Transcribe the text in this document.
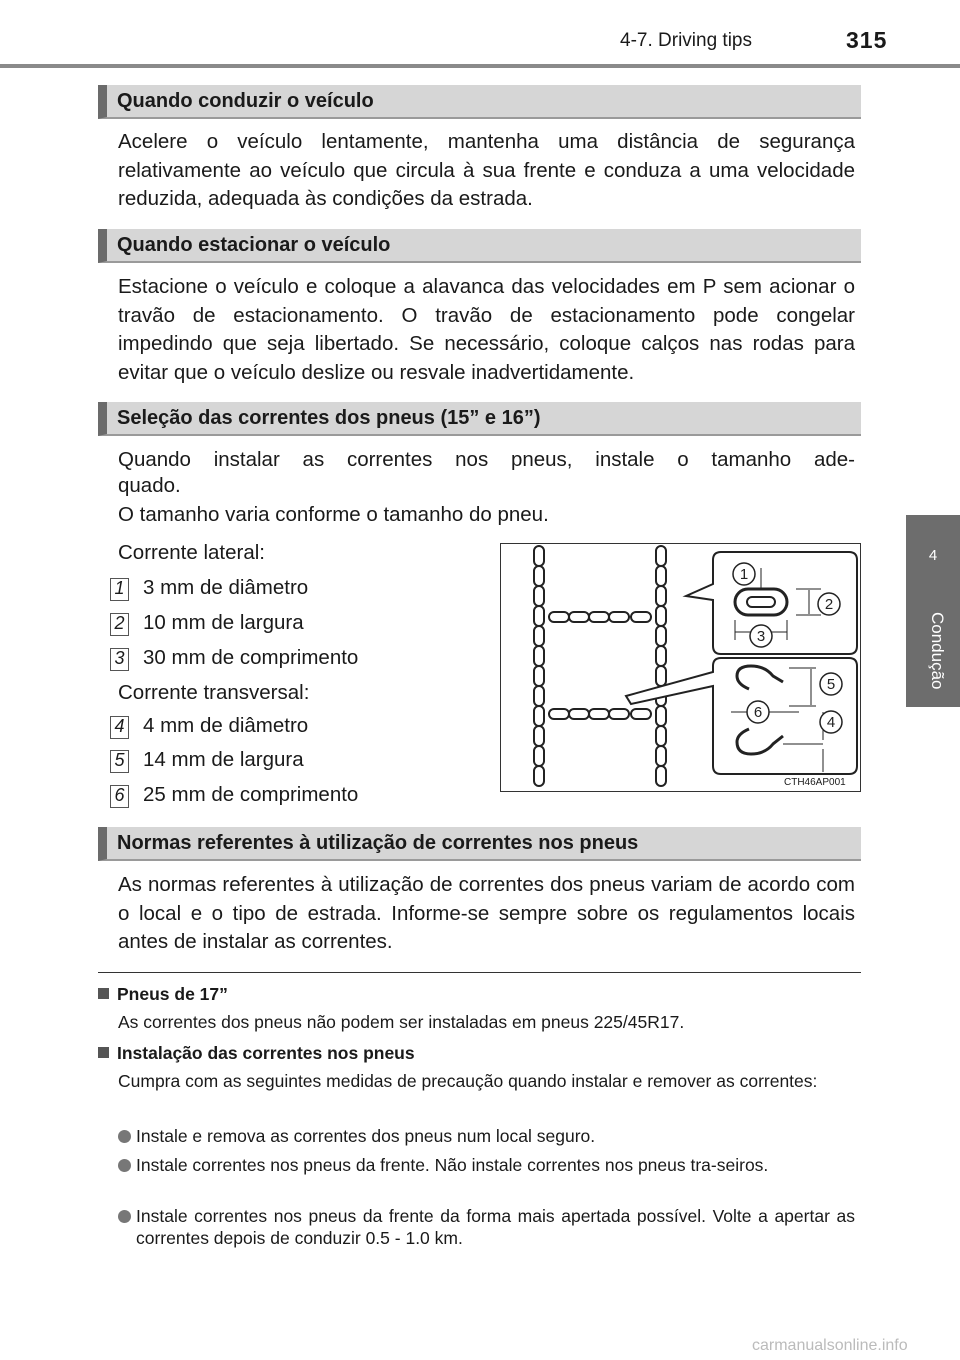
4-7. Driving tips	315
4
Condução
Quando conduzir o veículo
Acelere o veículo lentamente, mantenha uma distância de segurança relativamente ao veículo que circula à sua frente e conduza a uma velocidade reduzida, adequada às condições da estrada.
Quando estacionar o veículo
Estacione o veículo e coloque a alavanca das velocidades em P sem acionar o travão de estacionamento. O travão de estacionamento pode congelar impedindo que seja libertado. Se necessário, coloque calços nas rodas para evitar que o veículo deslize ou resvale inadvertidamente.
Seleção das correntes dos pneus (15” e 16”)
Quando instalar as correntes nos pneus, instale o tamanho ade-
quado.
O tamanho varia conforme o tamanho do pneu.
Corrente lateral:
1 3 mm de diâmetro
2 10 mm de largura
3 30 mm de comprimento
Corrente transversal:
4 4 mm de diâmetro
5 14 mm de largura
6 25 mm de comprimento
1
2
3
5
6
4
CTH46AP001
Normas referentes à utilização de correntes nos pneus
As normas referentes à utilização de correntes dos pneus variam de acordo com o local e o tipo de estrada. Informe-se sempre sobre os regulamentos locais antes de instalar as correntes.
Pneus de 17”
As correntes dos pneus não podem ser instaladas em pneus 225/45R17.
Instalação das correntes nos pneus
Cumpra com as seguintes medidas de precaução quando instalar e remover as correntes:
Instale e remova as correntes dos pneus num local seguro.
Instale correntes nos pneus da frente. Não instale correntes nos pneus tra-seiros.
Instale correntes nos pneus da frente da forma mais apertada possível. Volte a apertar as correntes depois de conduzir 0.5 - 1.0 km.
carmanualsonline.info
